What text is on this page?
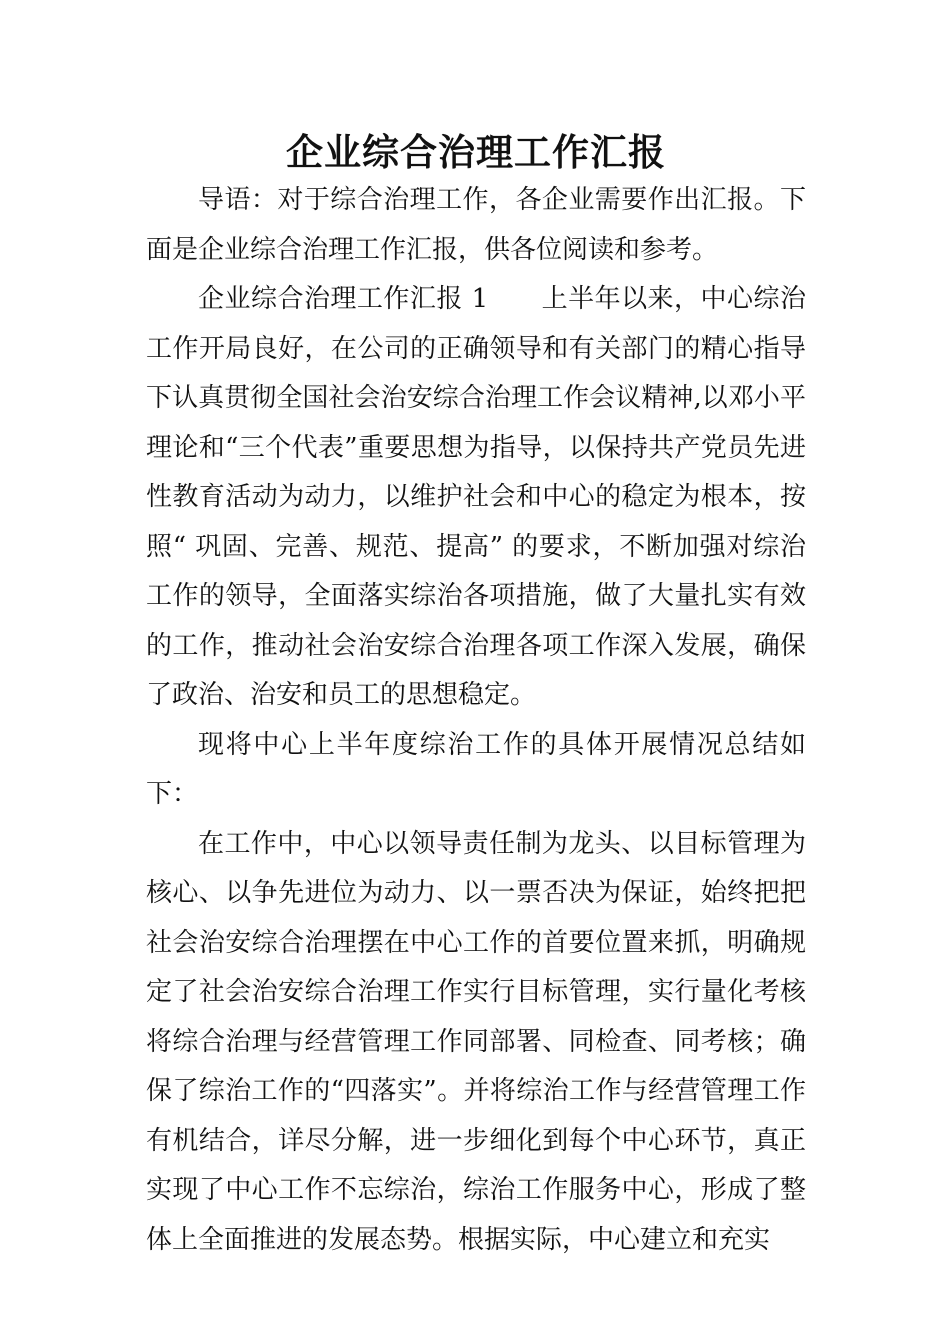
企业综合治理工作汇报

导语：对于综合治理工作，各企业需要作出汇报。下面是企业综合治理工作汇报，供各位阅读和参考。

企业综合治理工作汇报 1　　上半年以来，中心综治工作开局良好，在公司的正确领导和有关部门的精心指导下认真贯彻全国社会治安综合治理工作会议精神,以邓小平理论和“三个代表”重要思想为指导，以保持共产党员先进性教育活动为动力，以维护社会和中心的稳定为根本，按照“ 巩固、完善、规范、提高” 的要求，不断加强对综治工作的领导，全面落实综治各项措施，做了大量扎实有效的工作，推动社会治安综合治理各项工作深入发展，确保了政治、治安和员工的思想稳定。

现将中心上半年度综治工作的具体开展情况总结如下：

在工作中，中心以领导责任制为龙头、以目标管理为核心、以争先进位为动力、以一票否决为保证，始终把把社会治安综合治理摆在中心工作的首要位置来抓，明确规定了社会治安综合治理工作实行目标管理，实行量化考核将综合治理与经营管理工作同部署、同检查、同考核；确保了综治工作的“四落实”。并将综治工作与经营管理工作有机结合，详尽分解，进一步细化到每个中心环节，真正实现了中心工作不忘综治，综治工作服务中心，形成了整体上全面推进的发展态势。根据实际，中心建立和充实
